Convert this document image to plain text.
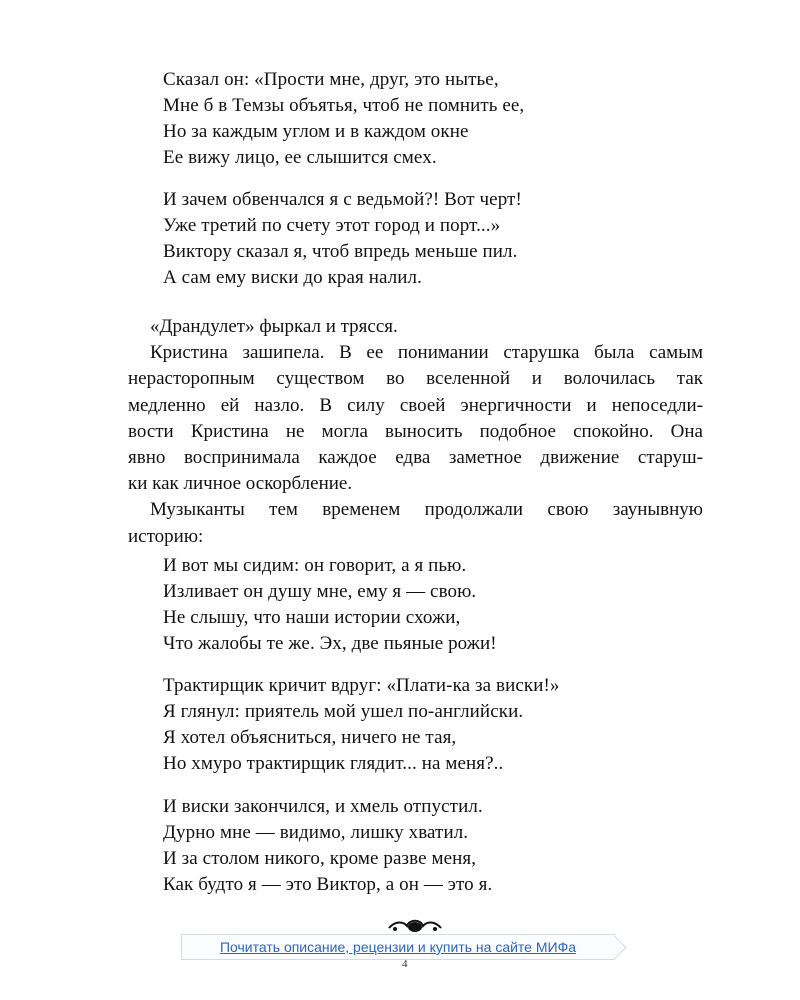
Сказал он: «Прости мне, друг, это нытье,
Мне б в Темзы объятья, чтоб не помнить ее,
Но за каждым углом и в каждом окне
Ее вижу лицо, ее слышится смех.
И зачем обвенчался я с ведьмой?! Вот черт!
Уже третий по счету этот город и порт...»
Виктору сказал я, чтоб впредь меньше пил.
А сам ему виски до края налил.
«Драндулет» фыркал и трясся.
Кристина зашипела. В ее понимании старушка была самым
нерасторопным существом во вселенной и волочилась так
медленно ей назло. В силу своей энергичности и непоседли-
вости Кристина не могла выносить подобное спокойно. Она
явно воспринимала каждое едва заметное движение старуш-
ки как личное оскорбление.
Музыканты тем временем продолжали свою заунывную
историю:
И вот мы сидим: он говорит, а я пью.
Изливает он душу мне, ему я — свою.
Не слышу, что наши истории схожи,
Что жалобы те же. Эх, две пьяные рожи!
Трактирщик кричит вдруг: «Плати-ка за виски!»
Я глянул: приятель мой ушел по-английски.
Я хотел объясниться, ничего не тая,
Но хмуро трактирщик глядит... на меня?..
И виски закончился, и хмель отпустил.
Дурно мне — видимо, лишку хватил.
И за столом никого, кроме разве меня,
Как будто я — это Виктор, а он — это я.
Почитать описание, рецензии и купить на сайте МИФа
4
